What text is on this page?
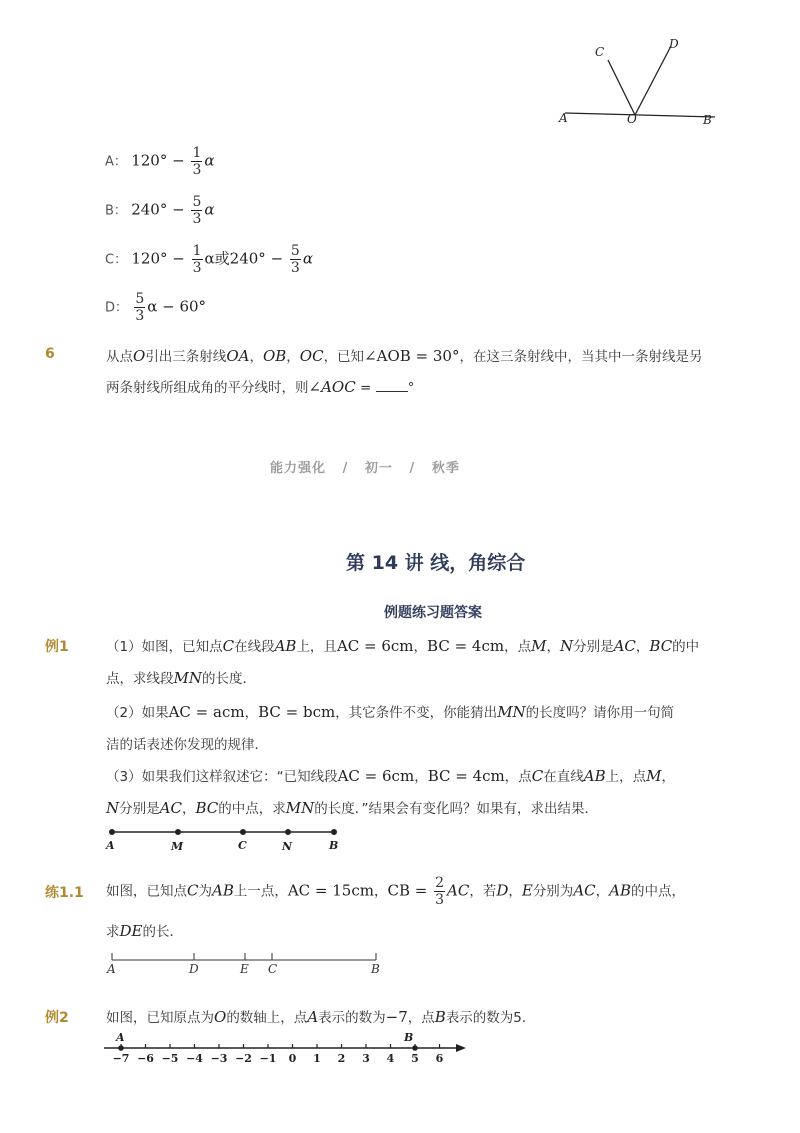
C
D
A	O	B
A： $120^\circ - \frac{1}{3}$ α
B： $240^\circ - \frac{5}{3}$ α
C： $120^\circ - \frac{1}{3}$ α或$240^\circ - \frac{5}{3}$ α
D： $\frac{5}{3}$ α − 60°
6	从点O引出三条射线OA，OB，OC，已知∠AOB = 30°，在这三条射线中，当其中一条射线是另
两条射线所组成角的平分线时，则∠AOC = °
能力强化 / 初一 / 秋季
第 14 讲 线，角综合
例题练习题答案
例1	（1）如图，已知点C在线段AB上，且AC = 6cm，BC = 4cm，点M，N分别是AC，BC的中
点，求线段MN的长度．
（2）如果AC = acm，BC = bcm，其它条件不变，你能猜出MN的长度吗？请你用一句简
洁的话表述你发现的规律．
（3）如果我们这样叙述它：“已知线段AC = 6cm，BC = 4cm，点C在直线AB上，点M，
N分别是AC，BC的中点，求MN的长度．”结果会有变化吗？如果有，求出结果．
A	M	C	N	B
练1.1 如图，已知点C为AB上一点，AC = 15cm，CB = $\frac{2}{3}$ AC，若D，E分别为AC，AB的中点，
求DE的长．
A	D	E C	B
例2	如图，已知原点为O的数轴上，点A表示的数为−7，点B表示的数为5．
−7 −6 −5 −4 −3 −2 −1 0 1 2 3 4 5 6
A	B
